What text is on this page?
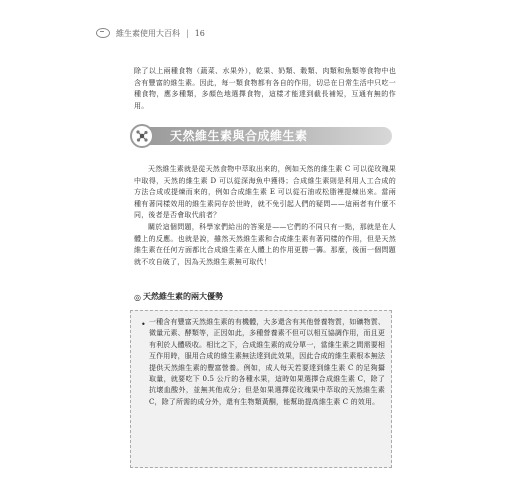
維生素使用大百科 | 16

除了以上兩種食物（蔬菜、水果外），乾果、奶類、穀類、肉類和魚類等食物中也含有豐富的維生素。因此，每一類食物都有各自的作用，切忌在日常生活中只吃一種食物，應多種類，多顏色地選擇食物，這樣才能達到截長補短，互通有無的作用。

天然維生素與合成維生素

天然維生素就是從天然食物中萃取出來的，例如天然的維生素 C 可以從玫瑰果中取得，天然的維生素 D 可以從深海魚中獲得；合成維生素則是利用人工合成的方法合成或提煉而來的，例如合成維生素 E 可以從石油或松脂裡提煉出來。當兩種有著同樣效用的維生素同存於世時，就不免引起人們的疑問——這兩者有什麼不同，後者是否會取代前者？

關於這個問題，科學家們給出的答案是——它們的不同只有一點，那就是在人體上的反應。也就是說，雖然天然維生素和合成維生素有著同樣的作用，但是天然維生素在任何方面都比合成維生素在人體上的作用更勝一籌。那麼，後面一個問題就不攻自破了，因為天然維生素無可取代！

◎ 天然維生素的兩大優勢
• 一種含有豐富天然維生素的有機體，大多還含有其他營養物質，如礦物質、微量元素、酵類等，正因如此，多種營養素不但可以相互協調作用，而且更有利於人體吸收。相比之下，合成維生素的成分單一，當維生素之間需要相互作用時，服用合成的維生素無法達到此效果，因此合成的維生素根本無法提供天然維生素的豐富營養。例如，成人每天若要達到維生素 C 的足夠攝取量，就要吃下 0.5 公斤的各種水果，這時如果選擇合成維生素 C，除了抗壞血酸外，並無其他成分；但是如果選擇從玫瑰果中萃取的天然維生素 C，除了所需的成分外，還有生物類黃酮，能幫助提高維生素 C 的效用。
